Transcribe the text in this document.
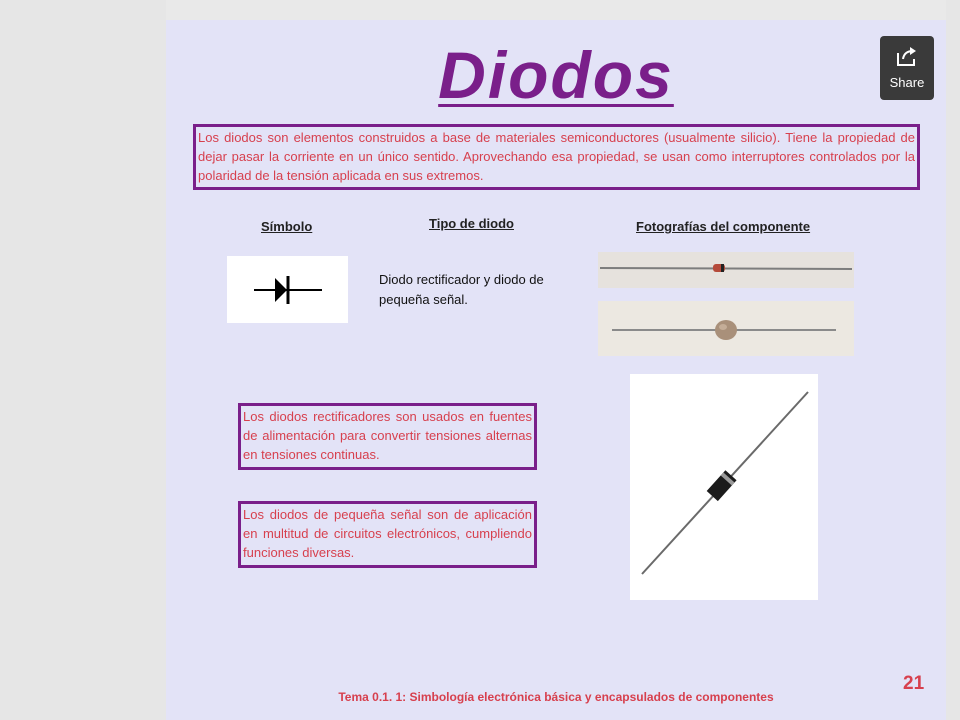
Diodos
Los diodos son elementos construidos a base de materiales semiconductores (usualmente silicio). Tiene la propiedad de dejar pasar la corriente en un único sentido. Aprovechando esa propiedad, se usan como interruptores controlados por la polaridad de la tensión aplicada en sus extremos.
Símbolo	Tipo de diodo	Fotografías del componente
Diodo rectificador y diodo de pequeña señal.
Los diodos rectificadores son usados en fuentes de alimentación para convertir tensiones alternas en tensiones continuas.
Los diodos de pequeña señal son de aplicación en multitud de circuitos electrónicos, cumpliendo funciones diversas.
21
Tema 0.1. 1: Simbología electrónica básica y encapsulados de componentes
Share
